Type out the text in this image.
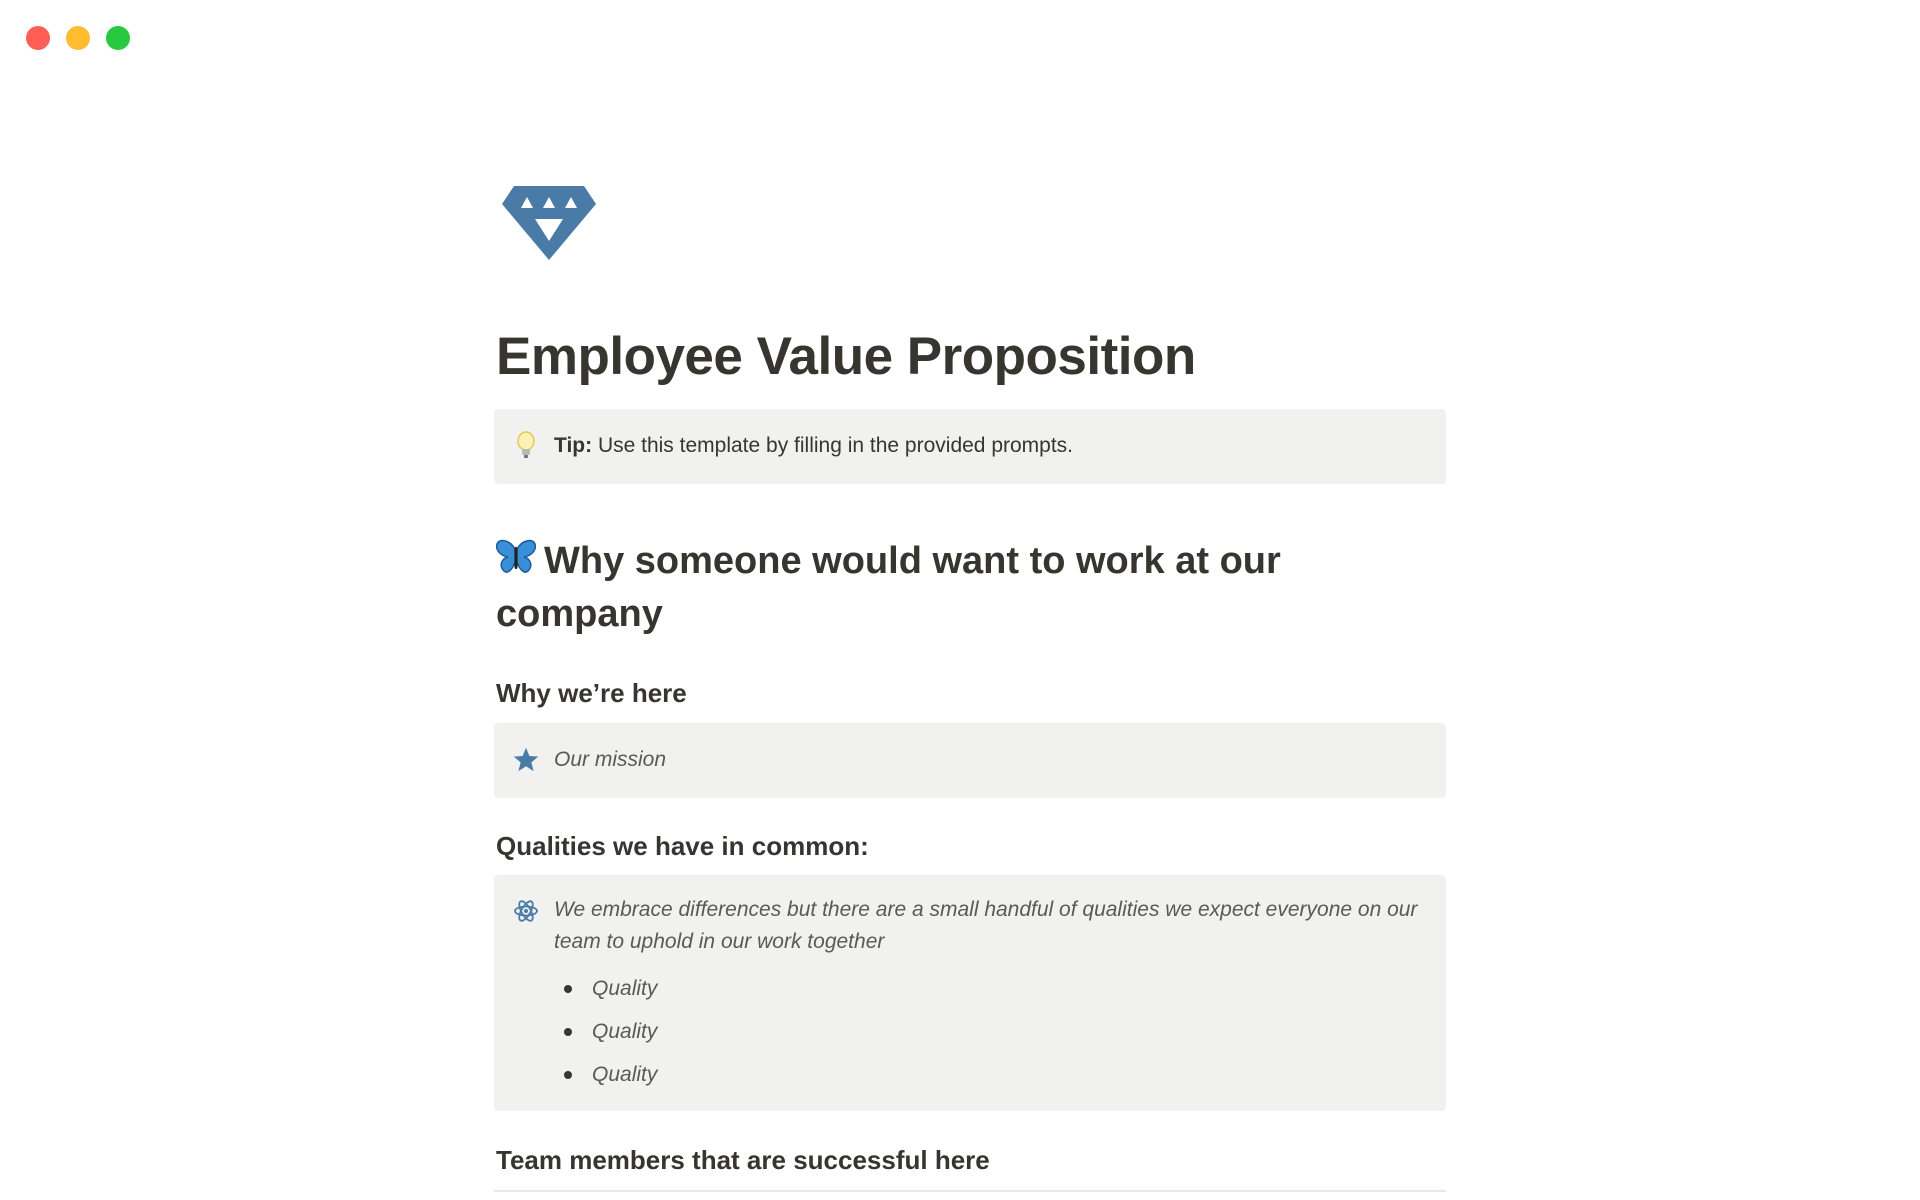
Employee Value Proposition
Tip: Use this template by filling in the provided prompts.
Why someone would want to work at our company
Why we’re here
Our mission
Qualities we have in common:
We embrace differences but there are a small handful of qualities we expect everyone on our team to uphold in our work together
Quality
Quality
Quality
Team members that are successful here
